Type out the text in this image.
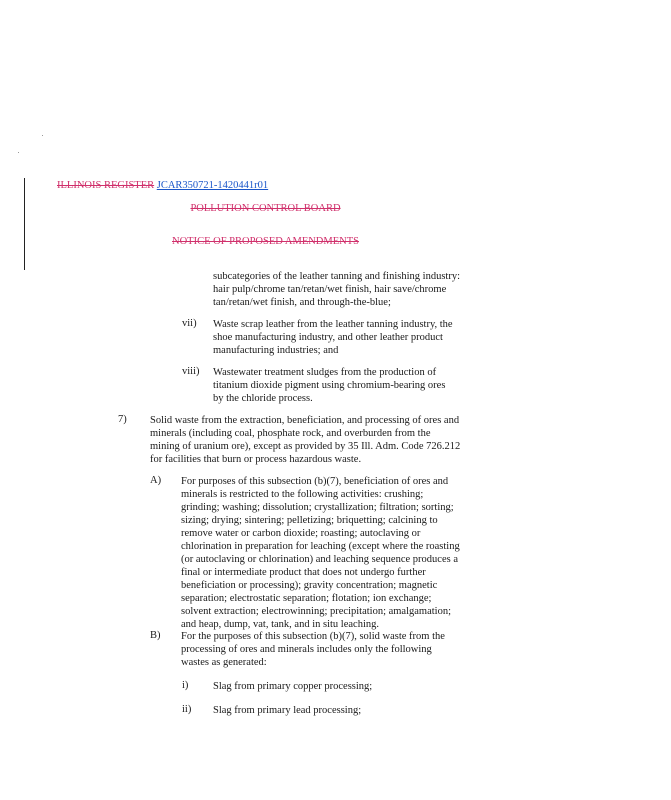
ILLINOIS REGISTER JCAR350721-1420441r01
POLLUTION CONTROL BOARD
NOTICE OF PROPOSED AMENDMENTS
subcategories of the leather tanning and finishing industry: hair pulp/chrome tan/retan/wet finish, hair save/chrome tan/retan/wet finish, and through-the-blue;
vii) Waste scrap leather from the leather tanning industry, the shoe manufacturing industry, and other leather product manufacturing industries; and
viii) Wastewater treatment sludges from the production of titanium dioxide pigment using chromium-bearing ores by the chloride process.
7) Solid waste from the extraction, beneficiation, and processing of ores and minerals (including coal, phosphate rock, and overburden from the mining of uranium ore), except as provided by 35 Ill. Adm. Code 726.212 for facilities that burn or process hazardous waste.
A) For purposes of this subsection (b)(7), beneficiation of ores and minerals is restricted to the following activities: crushing; grinding; washing; dissolution; crystallization; filtration; sorting; sizing; drying; sintering; pelletizing; briquetting; calcining to remove water or carbon dioxide; roasting; autoclaving or chlorination in preparation for leaching (except where the roasting (or autoclaving or chlorination) and leaching sequence produces a final or intermediate product that does not undergo further beneficiation or processing); gravity concentration; magnetic separation; electrostatic separation; flotation; ion exchange; solvent extraction; electrowinning; precipitation; amalgamation; and heap, dump, vat, tank, and in situ leaching.
B) For the purposes of this subsection (b)(7), solid waste from the processing of ores and minerals includes only the following wastes as generated:
i) Slag from primary copper processing;
ii) Slag from primary lead processing;
